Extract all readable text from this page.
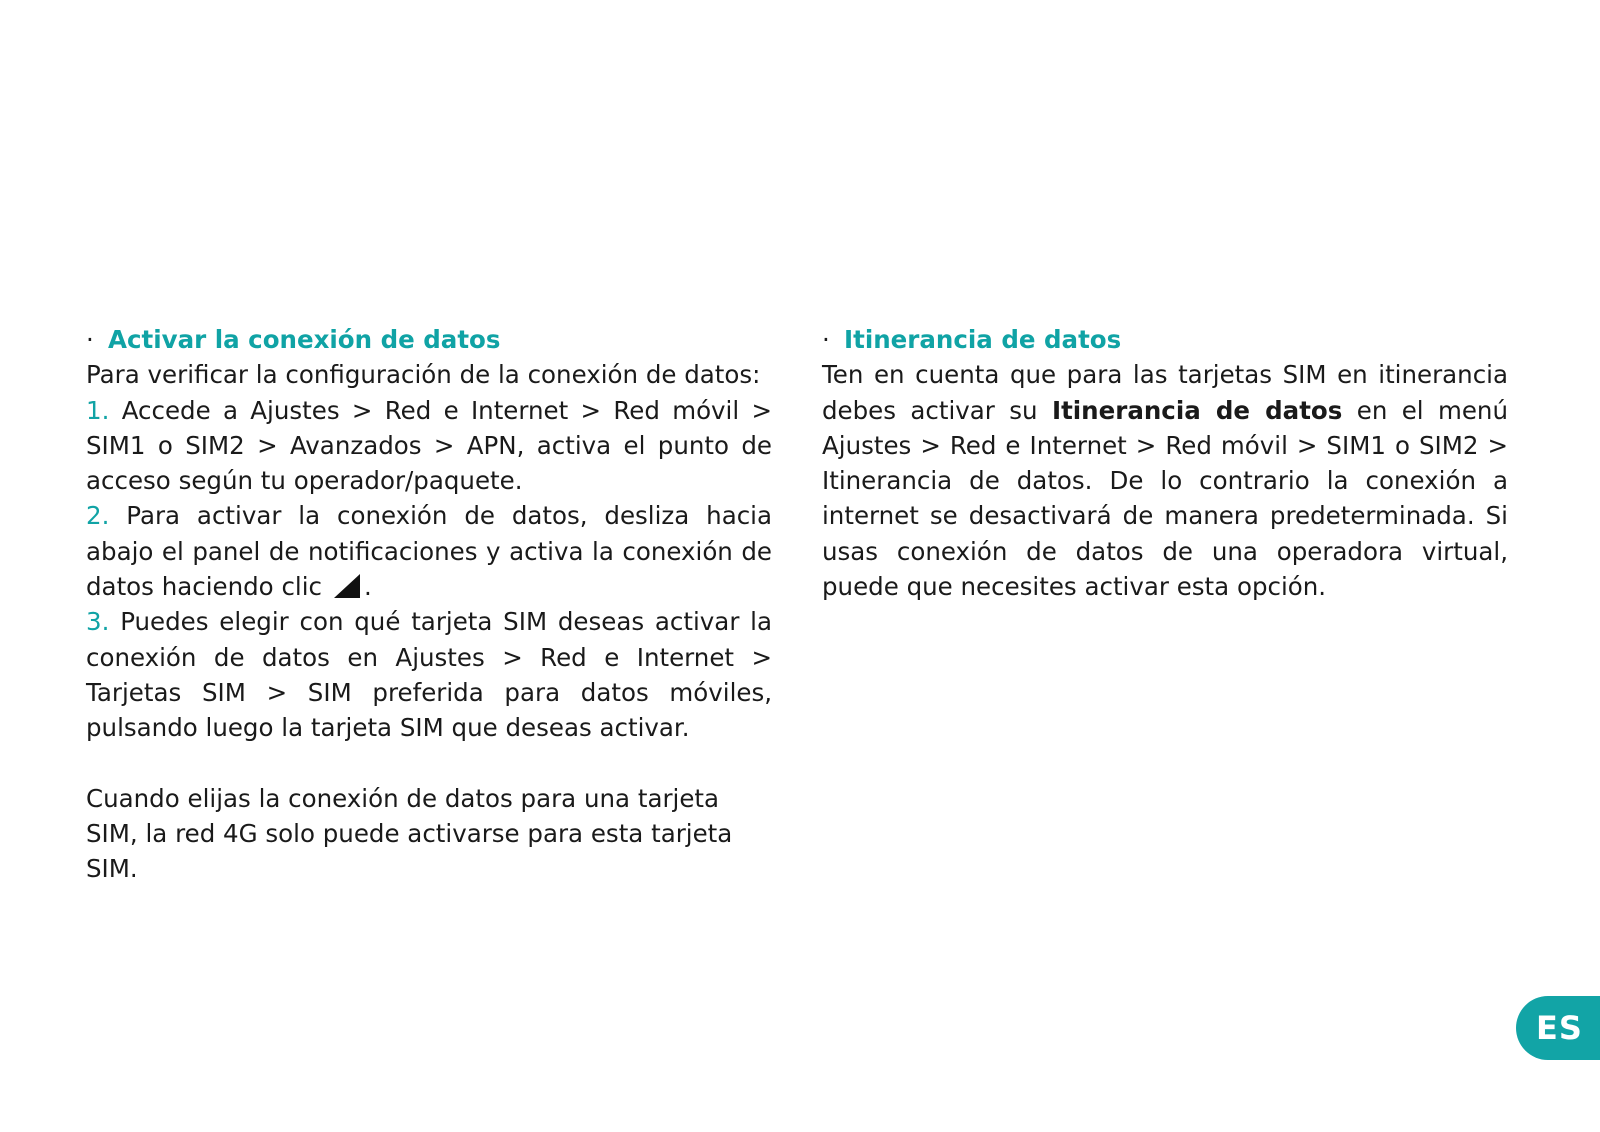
· Activar la conexión de datos

Para verificar la configuración de la conexión de datos:

1. Accede a Ajustes > Red e Internet > Red móvil > SIM1 o SIM2 > Avanzados > APN, activa el punto de acceso según tu operador/paquete.

2. Para activar la conexión de datos, desliza hacia abajo el panel de notificaciones y activa la conexión de datos haciendo clic .

3. Puedes elegir con qué tarjeta SIM deseas activar la conexión de datos en Ajustes > Red e Internet > Tarjetas SIM > SIM preferida para datos móviles, pulsando luego la tarjeta SIM que deseas activar.

Cuando elijas la conexión de datos para una tarjeta
SIM, la red 4G solo puede activarse para esta tarjeta SIM.
· Itinerancia de datos

Ten en cuenta que para las tarjetas SIM en itinerancia debes activar su Itinerancia de datos en el menú Ajustes > Red e Internet > Red móvil > SIM1 o SIM2 > Itinerancia de datos. De lo contrario la conexión a internet se desactivará de manera predeterminada. Si usas conexión de datos de una operadora virtual, puede que necesites activar esta opción.

ES
